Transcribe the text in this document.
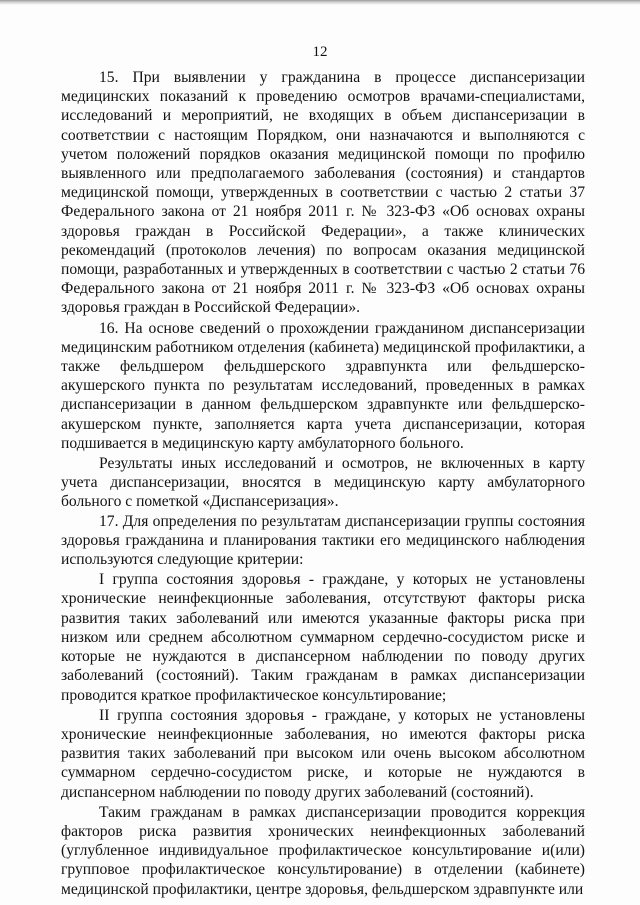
12

15. При выявлении у гражданина в процессе диспансеризации медицинских показаний к проведению осмотров врачами-специалистами, исследований и мероприятий, не входящих в объем диспансеризации в соответствии с настоящим Порядком, они назначаются и выполняются с учетом положений порядков оказания медицинской помощи по профилю выявленного или предполагаемого заболевания (состояния) и стандартов медицинской помощи, утвержденных в соответствии с частью 2 статьи 37 Федерального закона от 21 ноября 2011 г. № 323-ФЗ «Об основах охраны здоровья граждан в Российской Федерации», а также клинических рекомендаций (протоколов лечения) по вопросам оказания медицинской помощи, разработанных и утвержденных в соответствии с частью 2 статьи 76 Федерального закона от 21 ноября 2011 г. № 323-ФЗ «Об основах охраны здоровья граждан в Российской Федерации».

16. На основе сведений о прохождении гражданином диспансеризации медицинским работником отделения (кабинета) медицинской профилактики, а также фельдшером фельдшерского здравпункта или фельдшерско-акушерского пункта по результатам исследований, проведенных в рамках диспансеризации в данном фельдшерском здравпункте или фельдшерско-акушерском пункте, заполняется карта учета диспансеризации, которая подшивается в медицинскую карту амбулаторного больного.

Результаты иных исследований и осмотров, не включенных в карту учета диспансеризации, вносятся в медицинскую карту амбулаторного больного с пометкой «Диспансеризация».

17. Для определения по результатам диспансеризации группы состояния здоровья гражданина и планирования тактики его медицинского наблюдения используются следующие критерии:

I группа состояния здоровья - граждане, у которых не установлены хронические неинфекционные заболевания, отсутствуют факторы риска развития таких заболеваний или имеются указанные факторы риска при низком или среднем абсолютном суммарном сердечно-сосудистом риске и которые не нуждаются в диспансерном наблюдении по поводу других заболеваний (состояний). Таким гражданам в рамках диспансеризации проводится краткое профилактическое консультирование;

II группа состояния здоровья - граждане, у которых не установлены хронические неинфекционные заболевания, но имеются факторы риска развития таких заболеваний при высоком или очень высоком абсолютном суммарном сердечно-сосудистом риске, и которые не нуждаются в диспансерном наблюдении по поводу других заболеваний (состояний).

Таким гражданам в рамках диспансеризации проводится коррекция факторов риска развития хронических неинфекционных заболеваний (углубленное индивидуальное профилактическое консультирование и(или) групповое профилактическое консультирование) в отделении (кабинете) медицинской профилактики, центре здоровья, фельдшерском здравпункте или
